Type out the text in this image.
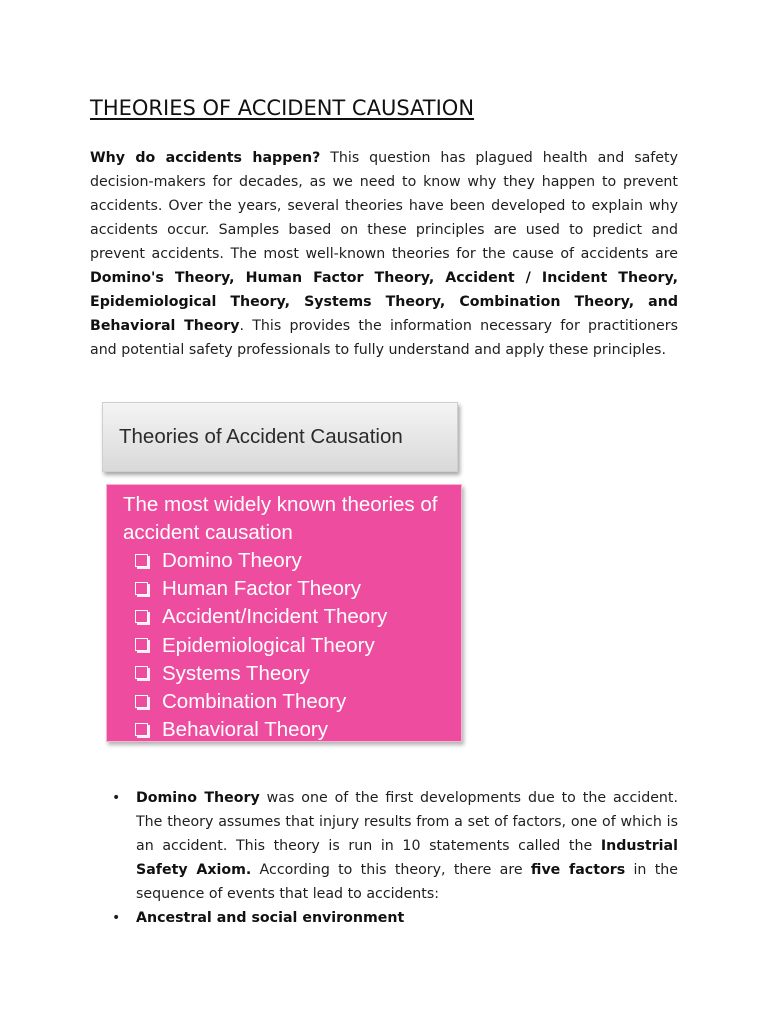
THEORIES OF ACCIDENT CAUSATION

Why do accidents happen? This question has plagued health and safety decision-makers for decades, as we need to know why they happen to prevent accidents. Over the years, several theories have been developed to explain why accidents occur. Samples based on these principles are used to predict and prevent accidents. The most well-known theories for the cause of accidents are Domino's Theory, Human Factor Theory, Accident / Incident Theory, Epidemiological Theory, Systems Theory, Combination Theory, and Behavioral Theory. This provides the information necessary for practitioners and potential safety professionals to fully understand and apply these principles.

Theories of Accident Causation

The most widely known theories of accident causation

Domino Theory
Human Factor Theory
Accident/Incident Theory
Epidemiological Theory
Systems Theory
Combination Theory
Behavioral Theory
• Domino Theory was one of the first developments due to the accident. The theory assumes that injury results from a set of factors, one of which is an accident. This theory is run in 10 statements called the Industrial Safety Axiom. According to this theory, there are five factors in the sequence of events that lead to accidents:
• Ancestral and social environment
